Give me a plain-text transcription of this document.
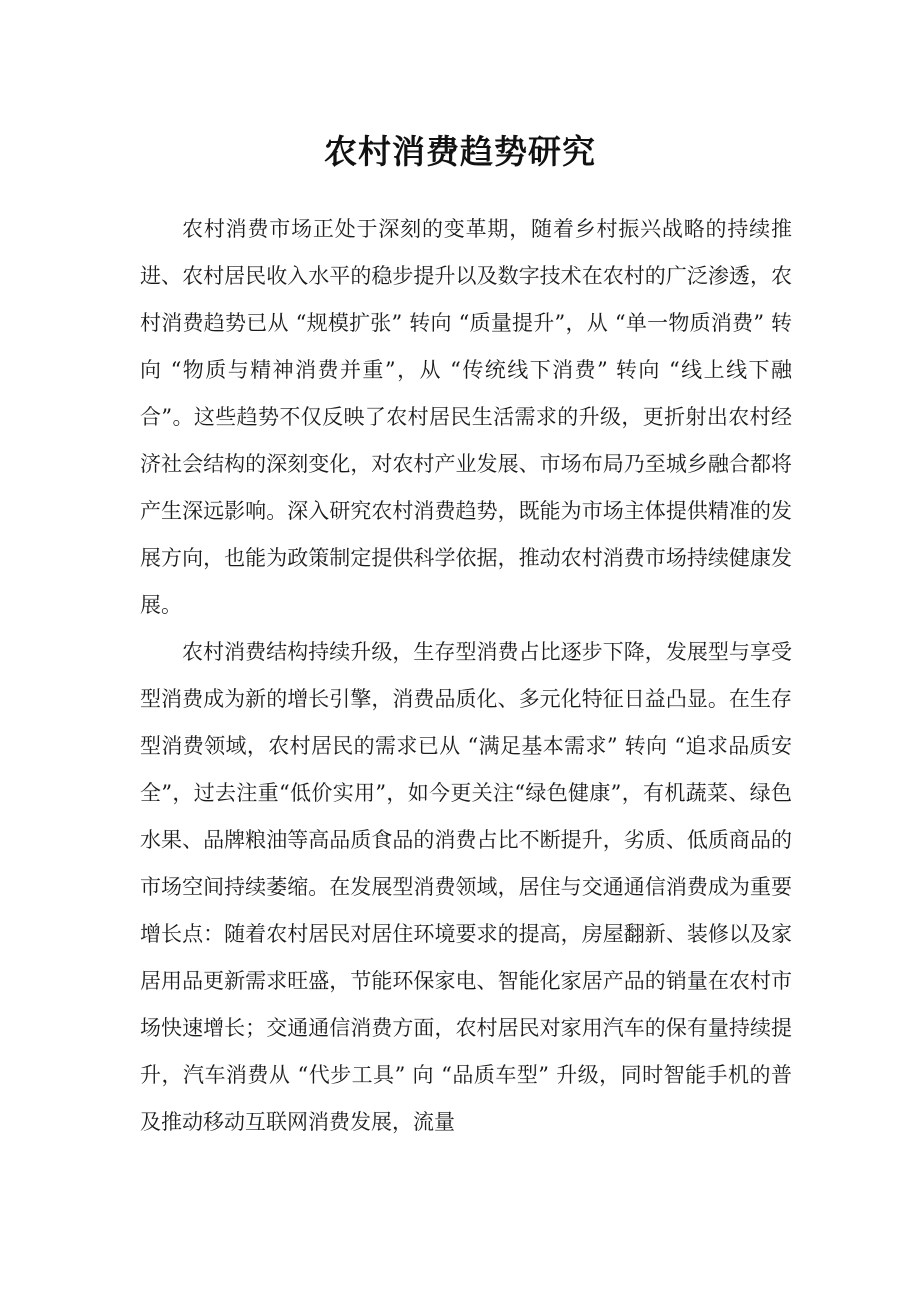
农村消费趋势研究

农村消费市场正处于深刻的变革期，随着乡村振兴战略的持续推进、农村居民收入水平的稳步提升以及数字技术在农村的广泛渗透，农村消费趋势已从 “规模扩张” 转向 “质量提升”，从 “单一物质消费” 转向 “物质与精神消费并重”，从 “传统线下消费” 转向 “线上线下融合”。这些趋势不仅反映了农村居民生活需求的升级，更折射出农村经济社会结构的深刻变化，对农村产业发展、市场布局乃至城乡融合都将产生深远影响。深入研究农村消费趋势，既能为市场主体提供精准的发展方向，也能为政策制定提供科学依据，推动农村消费市场持续健康发展。

农村消费结构持续升级，生存型消费占比逐步下降，发展型与享受型消费成为新的增长引擎，消费品质化、多元化特征日益凸显。在生存型消费领域，农村居民的需求已从 “满足基本需求” 转向 “追求品质安全”，过去注重“低价实用”，如今更关注“绿色健康”，有机蔬菜、绿色水果、品牌粮油等高品质食品的消费占比不断提升，劣质、低质商品的市场空间持续萎缩。在发展型消费领域，居住与交通通信消费成为重要增长点：随着农村居民对居住环境要求的提高，房屋翻新、装修以及家居用品更新需求旺盛，节能环保家电、智能化家居产品的销量在农村市场快速增长；交通通信消费方面，农村居民对家用汽车的保有量持续提升，汽车消费从 “代步工具” 向 “品质车型” 升级，同时智能手机的普及推动移动互联网消费发展，流量
